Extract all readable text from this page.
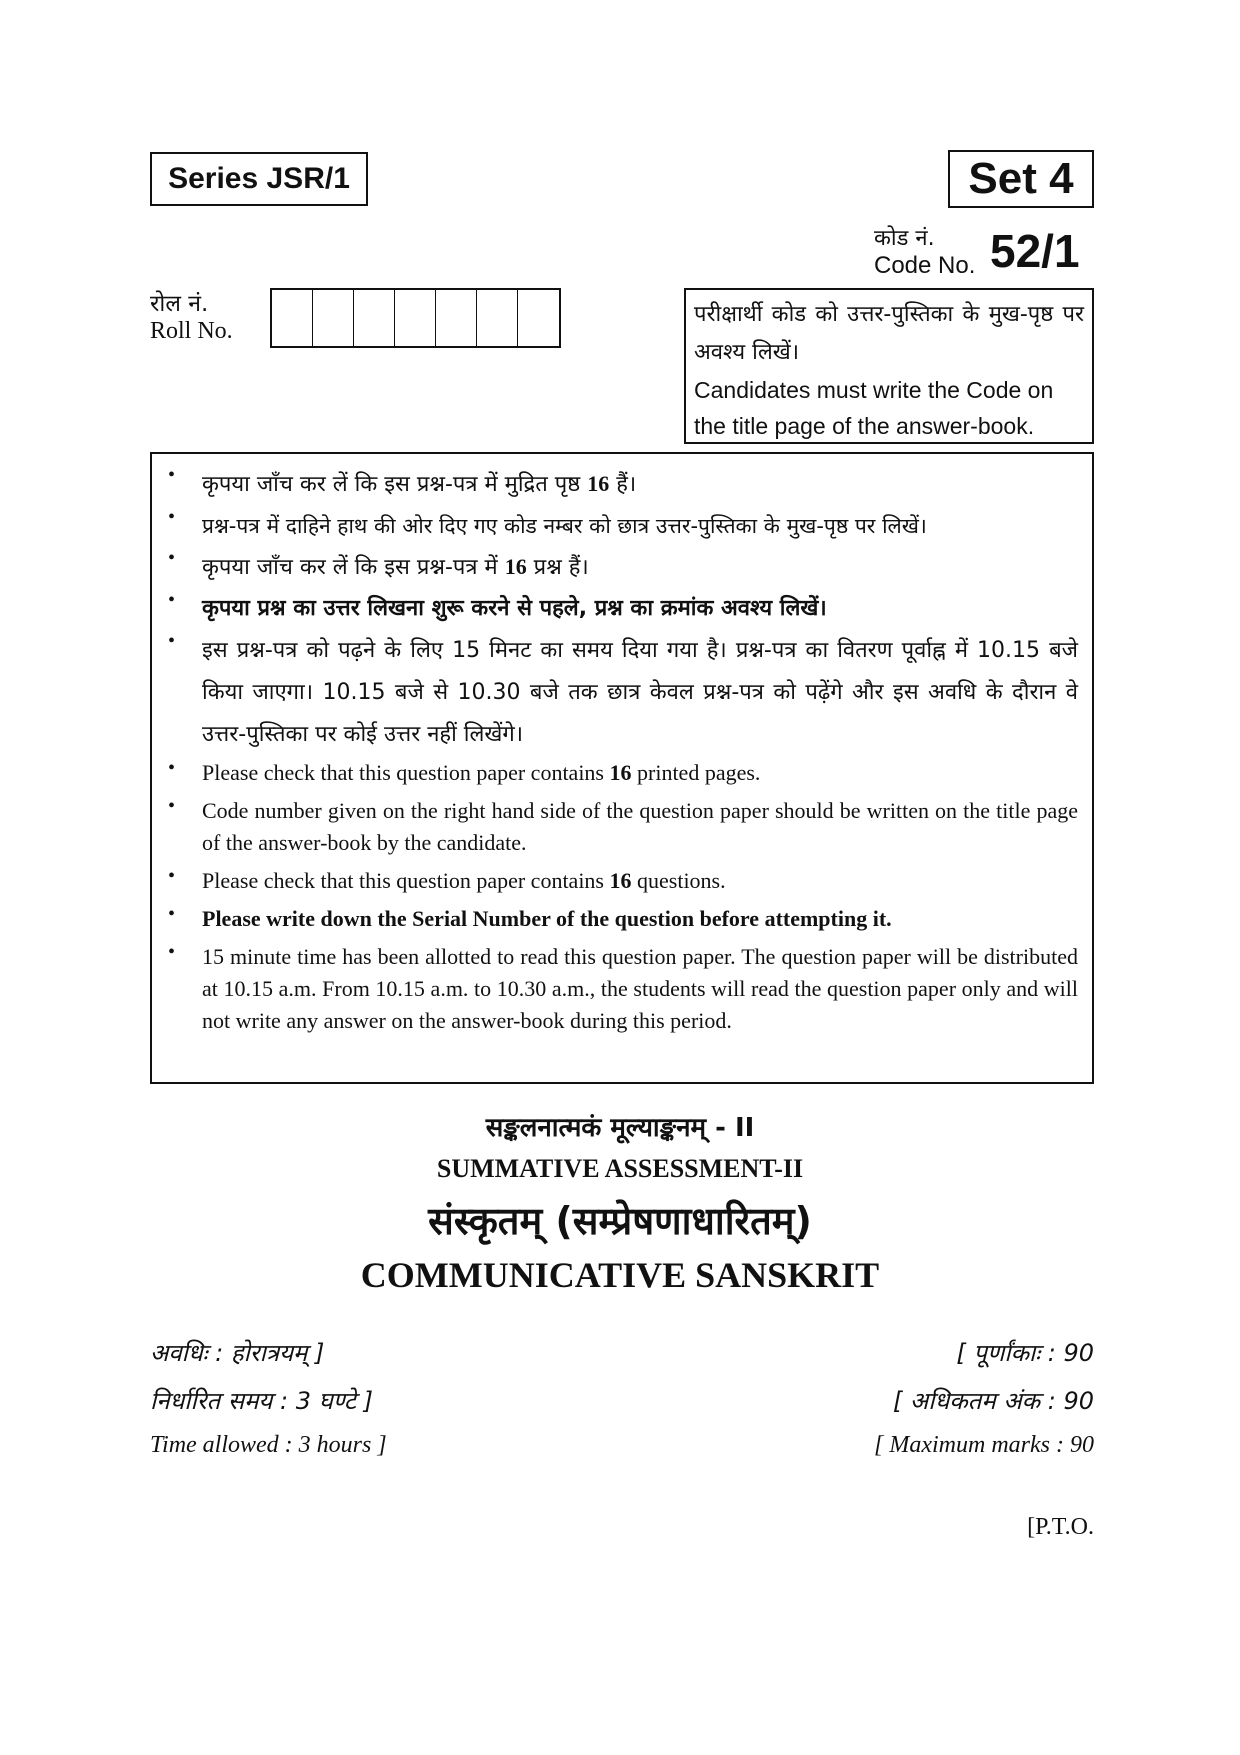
Series JSR/1	Set 4
कोड नं.
Code No. 52/1
रोल नं.
Roll No.
परीक्षार्थी कोड को उत्तर-पुस्तिका के मुख-पृष्ठ पर अवश्य लिखें।
Candidates must write the Code on the title page of the answer-book.
•	कृपया जाँच कर लें कि इस प्रश्न-पत्र में मुद्रित पृष्ठ 16 हैं।
•	प्रश्न-पत्र में दाहिने हाथ की ओर दिए गए कोड नम्बर को छात्र उत्तर-पुस्तिका के मुख-पृष्ठ पर लिखें।
•	कृपया जाँच कर लें कि इस प्रश्न-पत्र में 16 प्रश्न हैं।
•	कृपया प्रश्न का उत्तर लिखना शुरू करने से पहले, प्रश्न का क्रमांक अवश्य लिखें।
•	इस प्रश्न-पत्र को पढ़ने के लिए 15 मिनट का समय दिया गया है। प्रश्न-पत्र का वितरण पूर्वाह्न में 10.15 बजे किया जाएगा। 10.15 बजे से 10.30 बजे तक छात्र केवल प्रश्न-पत्र को पढ़ेंगे और इस अवधि के दौरान वे उत्तर-पुस्तिका पर कोई उत्तर नहीं लिखेंगे।
•	Please check that this question paper contains 16 printed pages.
•	Code number given on the right hand side of the question paper should be written on the title page of the answer-book by the candidate.
•	Please check that this question paper contains 16 questions.
•	Please write down the Serial Number of the question before attempting it.
•	15 minute time has been allotted to read this question paper. The question paper will be distributed at 10.15 a.m. From 10.15 a.m. to 10.30 a.m., the students will read the question paper only and will not write any answer on the answer-book during this period.
सङ्कलनात्मकं मूल्याङ्कनम् - II
SUMMATIVE ASSESSMENT-II
संस्कृतम् (सम्प्रेषणाधारितम्)
COMMUNICATIVE SANSKRIT
अवधिः : होरात्रयम् ]
निर्धारित समय : 3 घण्टे ]
Time allowed : 3 hours ]
[ पूर्णांकाः : 90
[ अधिकतम अंक : 90
[ Maximum marks : 90
[P.T.O.
